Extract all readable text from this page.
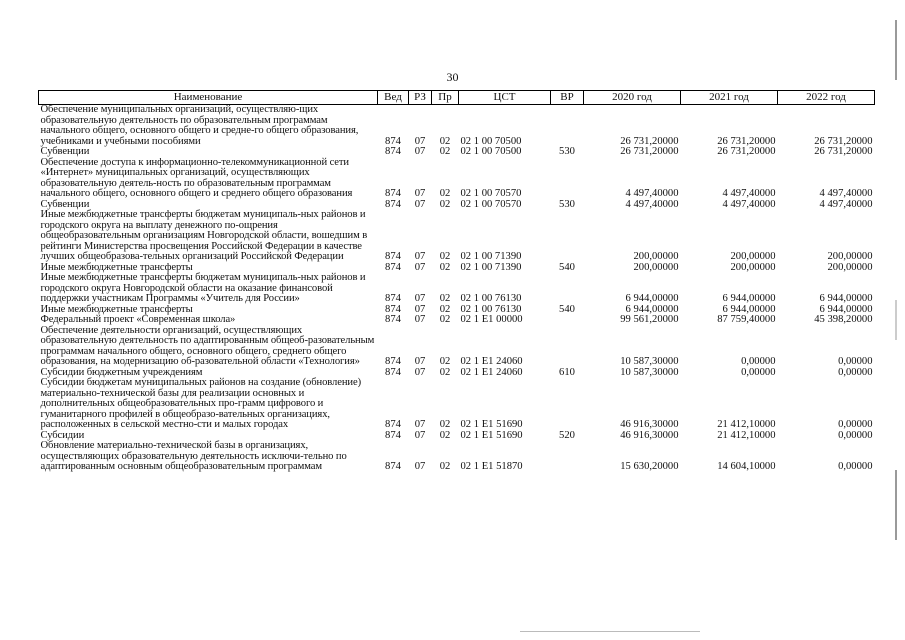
30
Наименование	Вед	РЗ	Пр	ЦСТ	ВР	2020 год	2021 год	2022 год
Обеспечение муниципальных организаций, осуществляю-щих образовательную деятельность по образовательным программам начального общего, основного общего и средне-го общего образования, учебниками и учебными пособиями	874	07	02	02 1 00 70500		26 731,20000	26 731,20000	26 731,20000
Субвенции	874	07	02	02 1 00 70500	530	26 731,20000	26 731,20000	26 731,20000
Обеспечение доступа к информационно-телекоммуникационной сети «Интернет» муниципальных организаций, осуществляющих образовательную деятель-ность по образовательным программам начального общего, основного общего и среднего общего образования	874	07	02	02 1 00 70570		4 497,40000	4 497,40000	4 497,40000
Субвенции	874	07	02	02 1 00 70570	530	4 497,40000	4 497,40000	4 497,40000
Иные межбюджетные трансферты бюджетам муниципаль-ных районов и городского округа на выплату денежного по-ощрения общеобразовательным организациям Новгородской области, вошедшим в рейтинги Министерства просвещения Российской Федерации в качестве лучших общеобразова-тельных организаций Российской Федерации	874	07	02	02 1 00 71390		200,00000	200,00000	200,00000
Иные межбюджетные трансферты	874	07	02	02 1 00 71390	540	200,00000	200,00000	200,00000
Иные межбюджетные трансферты бюджетам муниципаль-ных районов и городского округа Новгородской области на оказание финансовой поддержки участникам Программы «Учитель для России»	874	07	02	02 1 00 76130		6 944,00000	6 944,00000	6 944,00000
Иные межбюджетные трансферты	874	07	02	02 1 00 76130	540	6 944,00000	6 944,00000	6 944,00000
Федеральный проект «Современная школа»	874	07	02	02 1 E1 00000		99 561,20000	87 759,40000	45 398,20000
Обеспечение деятельности организаций, осуществляющих образовательную деятельность по адаптированным общеоб-разовательным программам начального общего, основного общего, среднего общего образования, на модернизацию об-разовательной области «Технология»	874	07	02	02 1 E1 24060		10 587,30000	0,00000	0,00000
Субсидии бюджетным учреждениям	874	07	02	02 1 E1 24060	610	10 587,30000	0,00000	0,00000
Субсидии бюджетам муниципальных районов на создание (обновление) материально-технической базы для реализации основных и дополнительных общеобразовательных про-грамм цифрового и гуманитарного профилей в общеобразо-вательных организациях, расположенных в сельской местно-сти и малых городах	874	07	02	02 1 E1 51690		46 916,30000	21 412,10000	0,00000
Субсидии	874	07	02	02 1 E1 51690	520	46 916,30000	21 412,10000	0,00000
Обновление материально-технической базы в организациях, осуществляющих образовательную деятельность исключи-тельно по адаптированным основным общеобразовательным программам	874	07	02	02 1 E1 51870		15 630,20000	14 604,10000	0,00000
